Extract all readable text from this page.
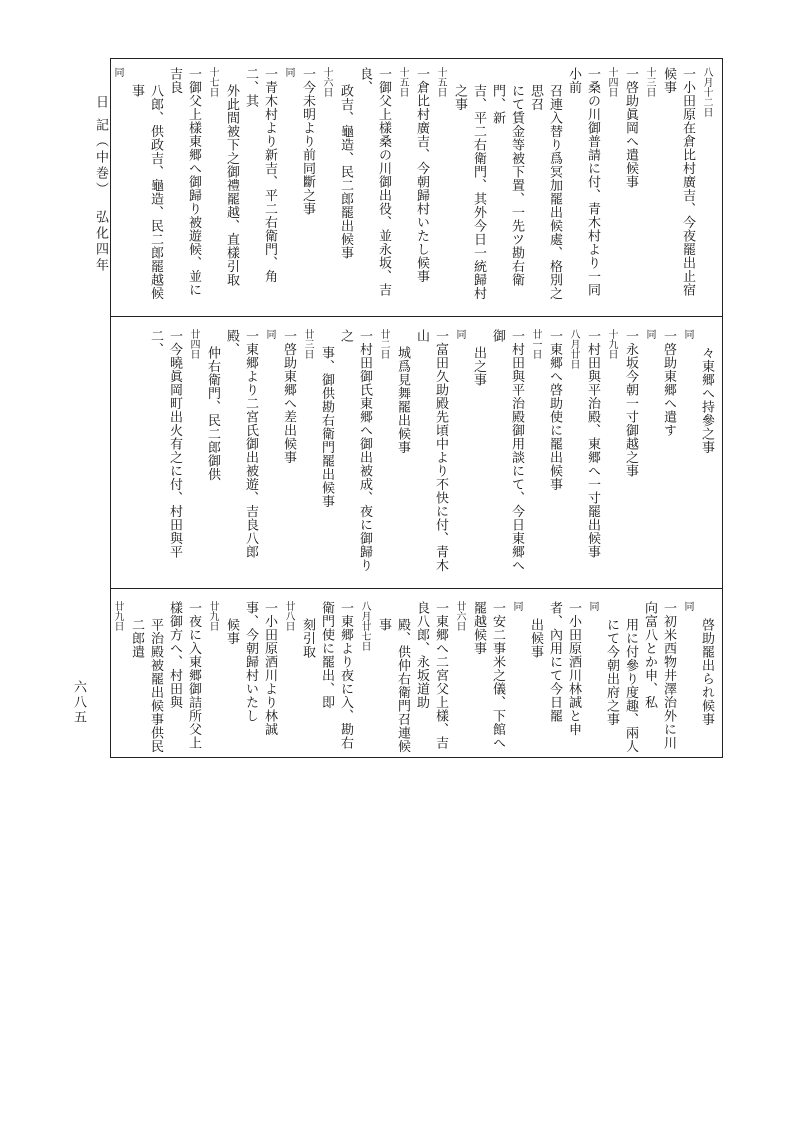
日 記（中巻）
弘化四年
六八五
八月十二日
一小田原在倉比村廣吉、今夜罷出止宿候事
十三日
一啓助眞岡へ遣候事
十四日
一桑の川御普請に付、青木村より一同小前
召連入替り爲冥加罷出候處、格別之思召
にて賃金等被下置、一先ツ勘右衛門、新
吉、平二右衛門、其外今日一統歸村之事
十五日
一倉比村廣吉、今朝歸村いたし候事
十五日
一御父上樣桑の川御出役、並永坂、吉良、
政吉、龜造、民二郎罷出候事
十六日
一今未明より前同斷之事
同
一青木村より新吉、平二右衛門、角二、其
外此間被下之御禮罷越、直樣引取
十七日
一御父上樣東郷へ御歸り被遊候、並に吉良
八郎、供政吉、龜造、民二郎罷越候事
同
々東郷へ持參之事
同
一啓助東郷へ遣す
同
一永坂今朝一寸御越之事
十九日
一村田與平治殿、東郷へ一寸罷出候事
八月廿日
一東郷へ啓助使に罷出候事
廿一日
一村田與平治殿御用談にて、今日東郷へ御
出之事
同
一富田久助殿先頃中より不快に付、青木山
城爲見舞罷出候事
廿二日
一村田御氏東郷へ御出被成、夜に御歸り之
事、御供勘右衛門罷出候事
廿三日
一啓助東郷へ差出候事
同
一東郷より二宮氏御出被遊、吉良八郎殿、
仲右衛門、民二郎御供
廿四日
一今曉眞岡町出火有之に付、村田與平二、
啓助罷出られ候事
同
一初米西物井澤治外に川向富八とか申、私
用に付參り度趣、兩人にて今朝出府之事
同
一小田原酒川林誠と申者、內用にて今日罷
出候事
同
一安二事米之儀、下館へ罷越候事
廿六日
一東郷へ二宮父上樣、吉良八郎、永坂道助
殿、供仲右衛門召連候事
八月廿七日
一東郷より夜に入、勘右衛門使に罷出、即
刻引取
廿八日
一小田原酒川より林誠事、今朝歸村いたし
候事
廿九日
一夜に入東郷御詰所父上樣御方へ、村田與
平治殿被罷出候事供民二郎遣
廿九日
